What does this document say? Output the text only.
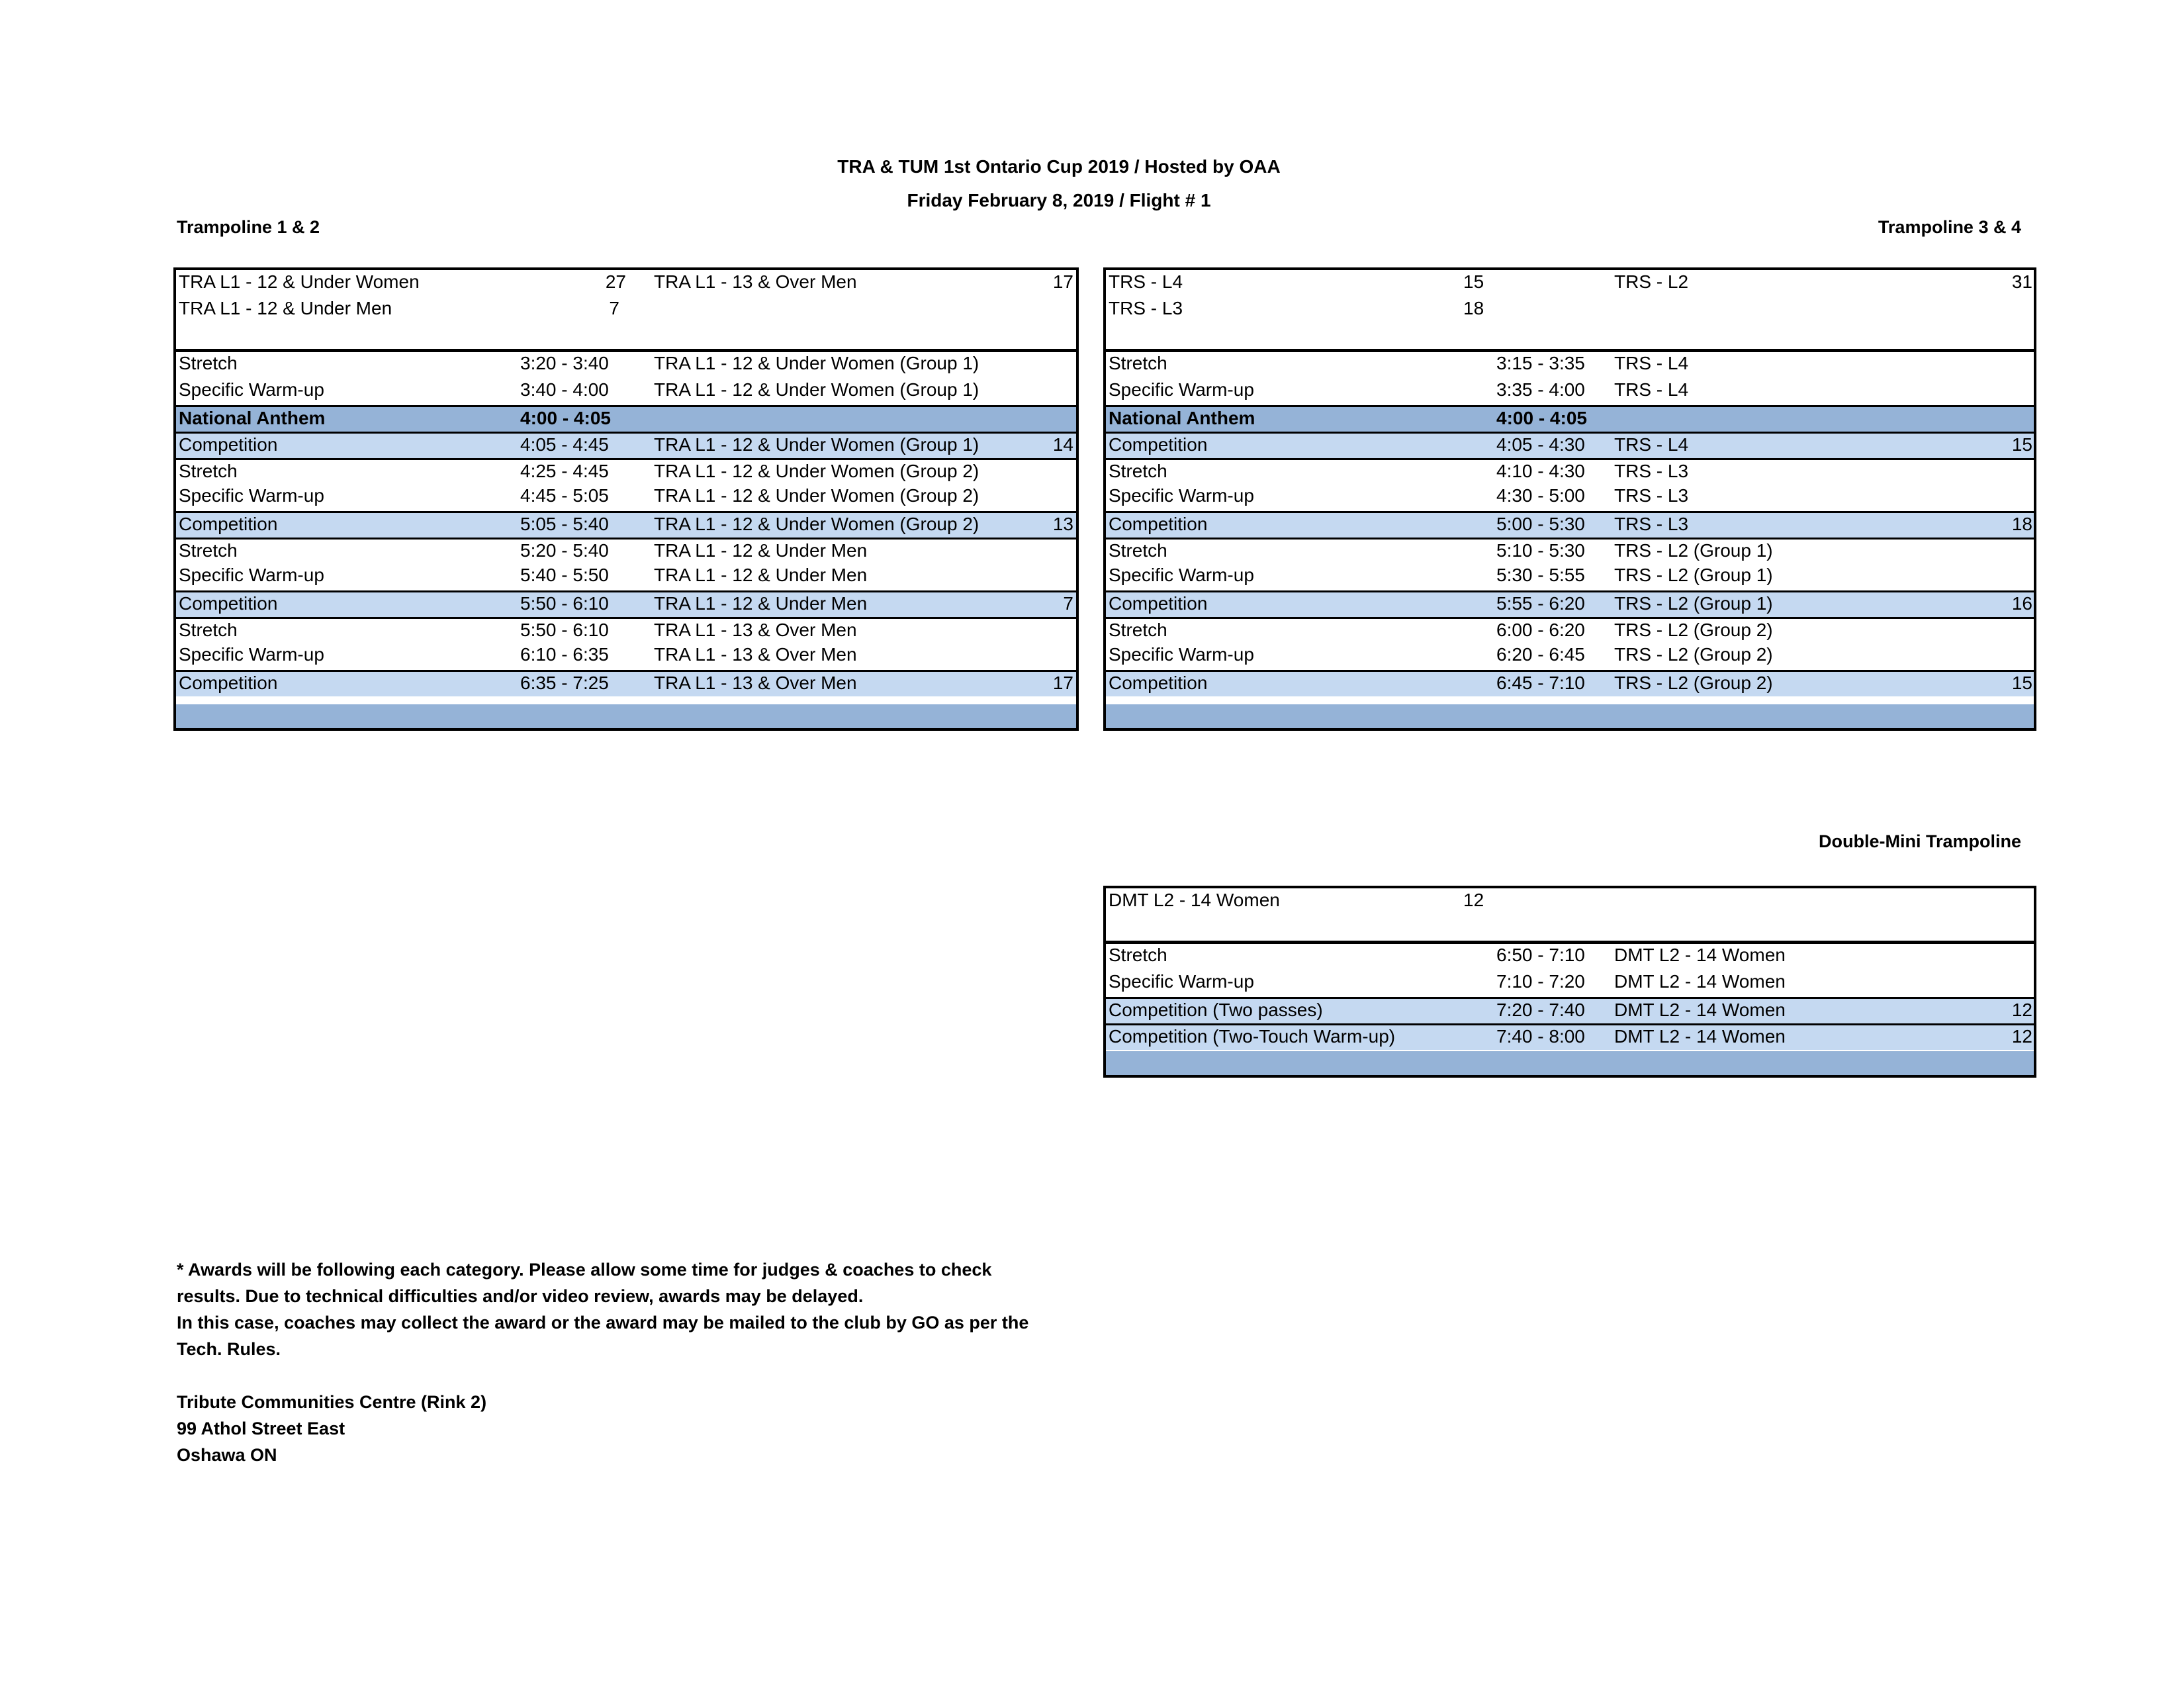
TRA & TUM 1st Ontario Cup 2019 / Hosted by OAA
Friday February 8, 2019 / Flight # 1
Trampoline 1 & 2	Trampoline 3 & 4
Double-Mini Trampoline
TRA L1 - 12 & Under Women	27 TRA L1 - 13 & Over Men	17
TRA L1 - 12 & Under Men	7
Stretch	3:20 - 3:40 TRA L1 - 12 & Under Women (Group 1)
Specific Warm-up	3:40 - 4:00 TRA L1 - 12 & Under Women (Group 1)
National Anthem	4:00 - 4:05
Competition	4:05 - 4:45 TRA L1 - 12 & Under Women (Group 1)	14
Stretch	4:25 - 4:45 TRA L1 - 12 & Under Women (Group 2)
Specific Warm-up	4:45 - 5:05 TRA L1 - 12 & Under Women (Group 2)
Competition	5:05 - 5:40 TRA L1 - 12 & Under Women (Group 2)	13
Stretch	5:20 - 5:40 TRA L1 - 12 & Under Men
Specific Warm-up	5:40 - 5:50 TRA L1 - 12 & Under Men
Competition	5:50 - 6:10 TRA L1 - 12 & Under Men	7
Stretch	5:50 - 6:10 TRA L1 - 13 & Over Men
Specific Warm-up	6:10 - 6:35 TRA L1 - 13 & Over Men
Competition	6:35 - 7:25 TRA L1 - 13 & Over Men	17
TRS - L4	15	TRS - L2	31
TRS - L3	18
Stretch	3:15 - 3:35 TRS - L4
Specific Warm-up	3:35 - 4:00 TRS - L4
National Anthem	4:00 - 4:05
Competition	4:05 - 4:30 TRS - L4	15
Stretch	4:10 - 4:30 TRS - L3
Specific Warm-up	4:30 - 5:00 TRS - L3
Competition	5:00 - 5:30 TRS - L3	18
Stretch	5:10 - 5:30 TRS - L2 (Group 1)
Specific Warm-up	5:30 - 5:55 TRS - L2 (Group 1)
Competition	5:55 - 6:20 TRS - L2 (Group 1)	16
Stretch	6:00 - 6:20 TRS - L2 (Group 2)
Specific Warm-up	6:20 - 6:45 TRS - L2 (Group 2)
Competition	6:45 - 7:10 TRS - L2 (Group 2)	15
DMT L2 - 14 Women	12
Stretch	6:50 - 7:10 DMT L2 - 14 Women
Specific Warm-up	7:10 - 7:20 DMT L2 - 14 Women
Competition (Two passes)	7:20 - 7:40 DMT L2 - 14 Women	12
Competition (Two-Touch Warm-up)	7:40 - 8:00 DMT L2 - 14 Women	12
* Awards will be following each category. Please allow some time for judges & coaches to check
results. Due to technical difficulties and/or video review, awards may be delayed.
In this case, coaches may collect the award or the award may be mailed to the club by GO as per the
Tech. Rules.
Tribute Communities Centre (Rink 2)
99 Athol Street East
Oshawa ON
